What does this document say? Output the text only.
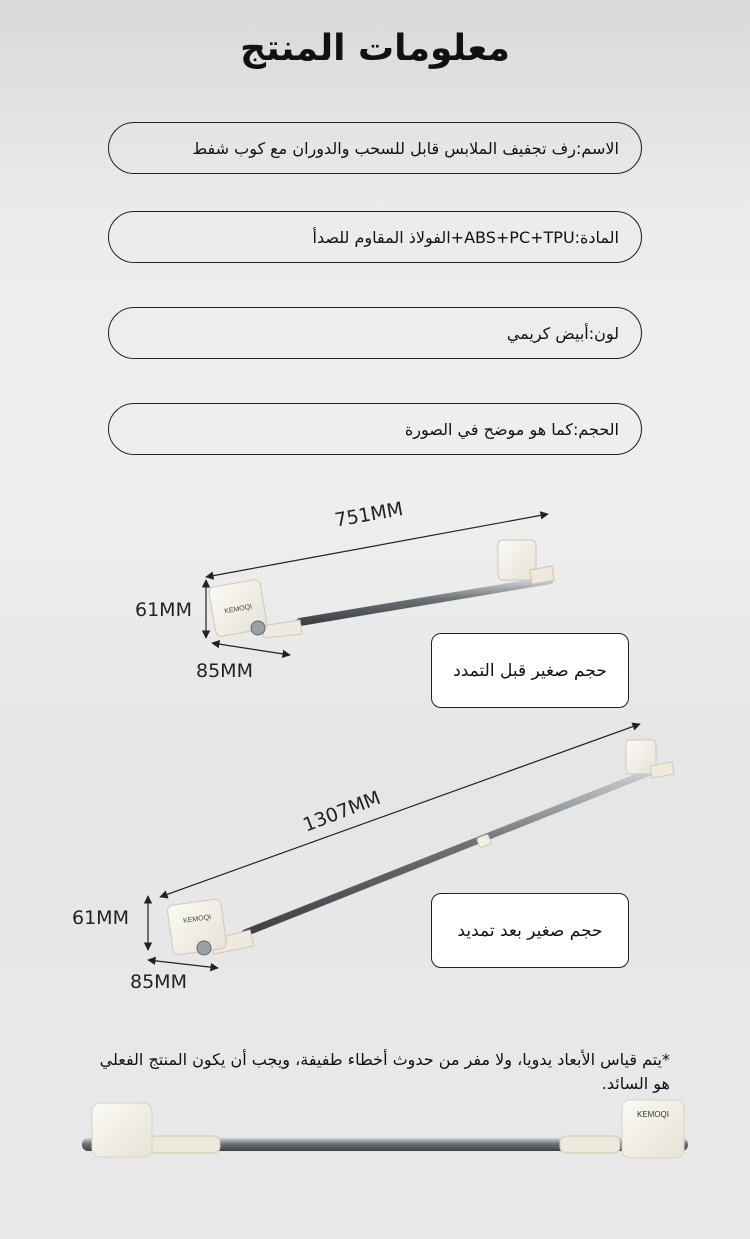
معلومات المنتج
الاسم:رف تجفيف الملابس قابل للسحب والدوران مع كوب شفط
المادة:ABS+PC+TPU+الفولاذ المقاوم للصدأ
لون:أبيض كريمي
الحجم:كما هو موضح في الصورة
KEMOQI
KEMOQI
KEMOQI
751MM
61MM
85MM	حجم صغير قبل التمدد
1307MM
61MM
85MM
حجم صغير بعد تمديد
*يتم قياس الأبعاد يدويا، ولا مفر من حدوث أخطاء طفيفة، ويجب أن يكون المنتج الفعلي هو السائد.
